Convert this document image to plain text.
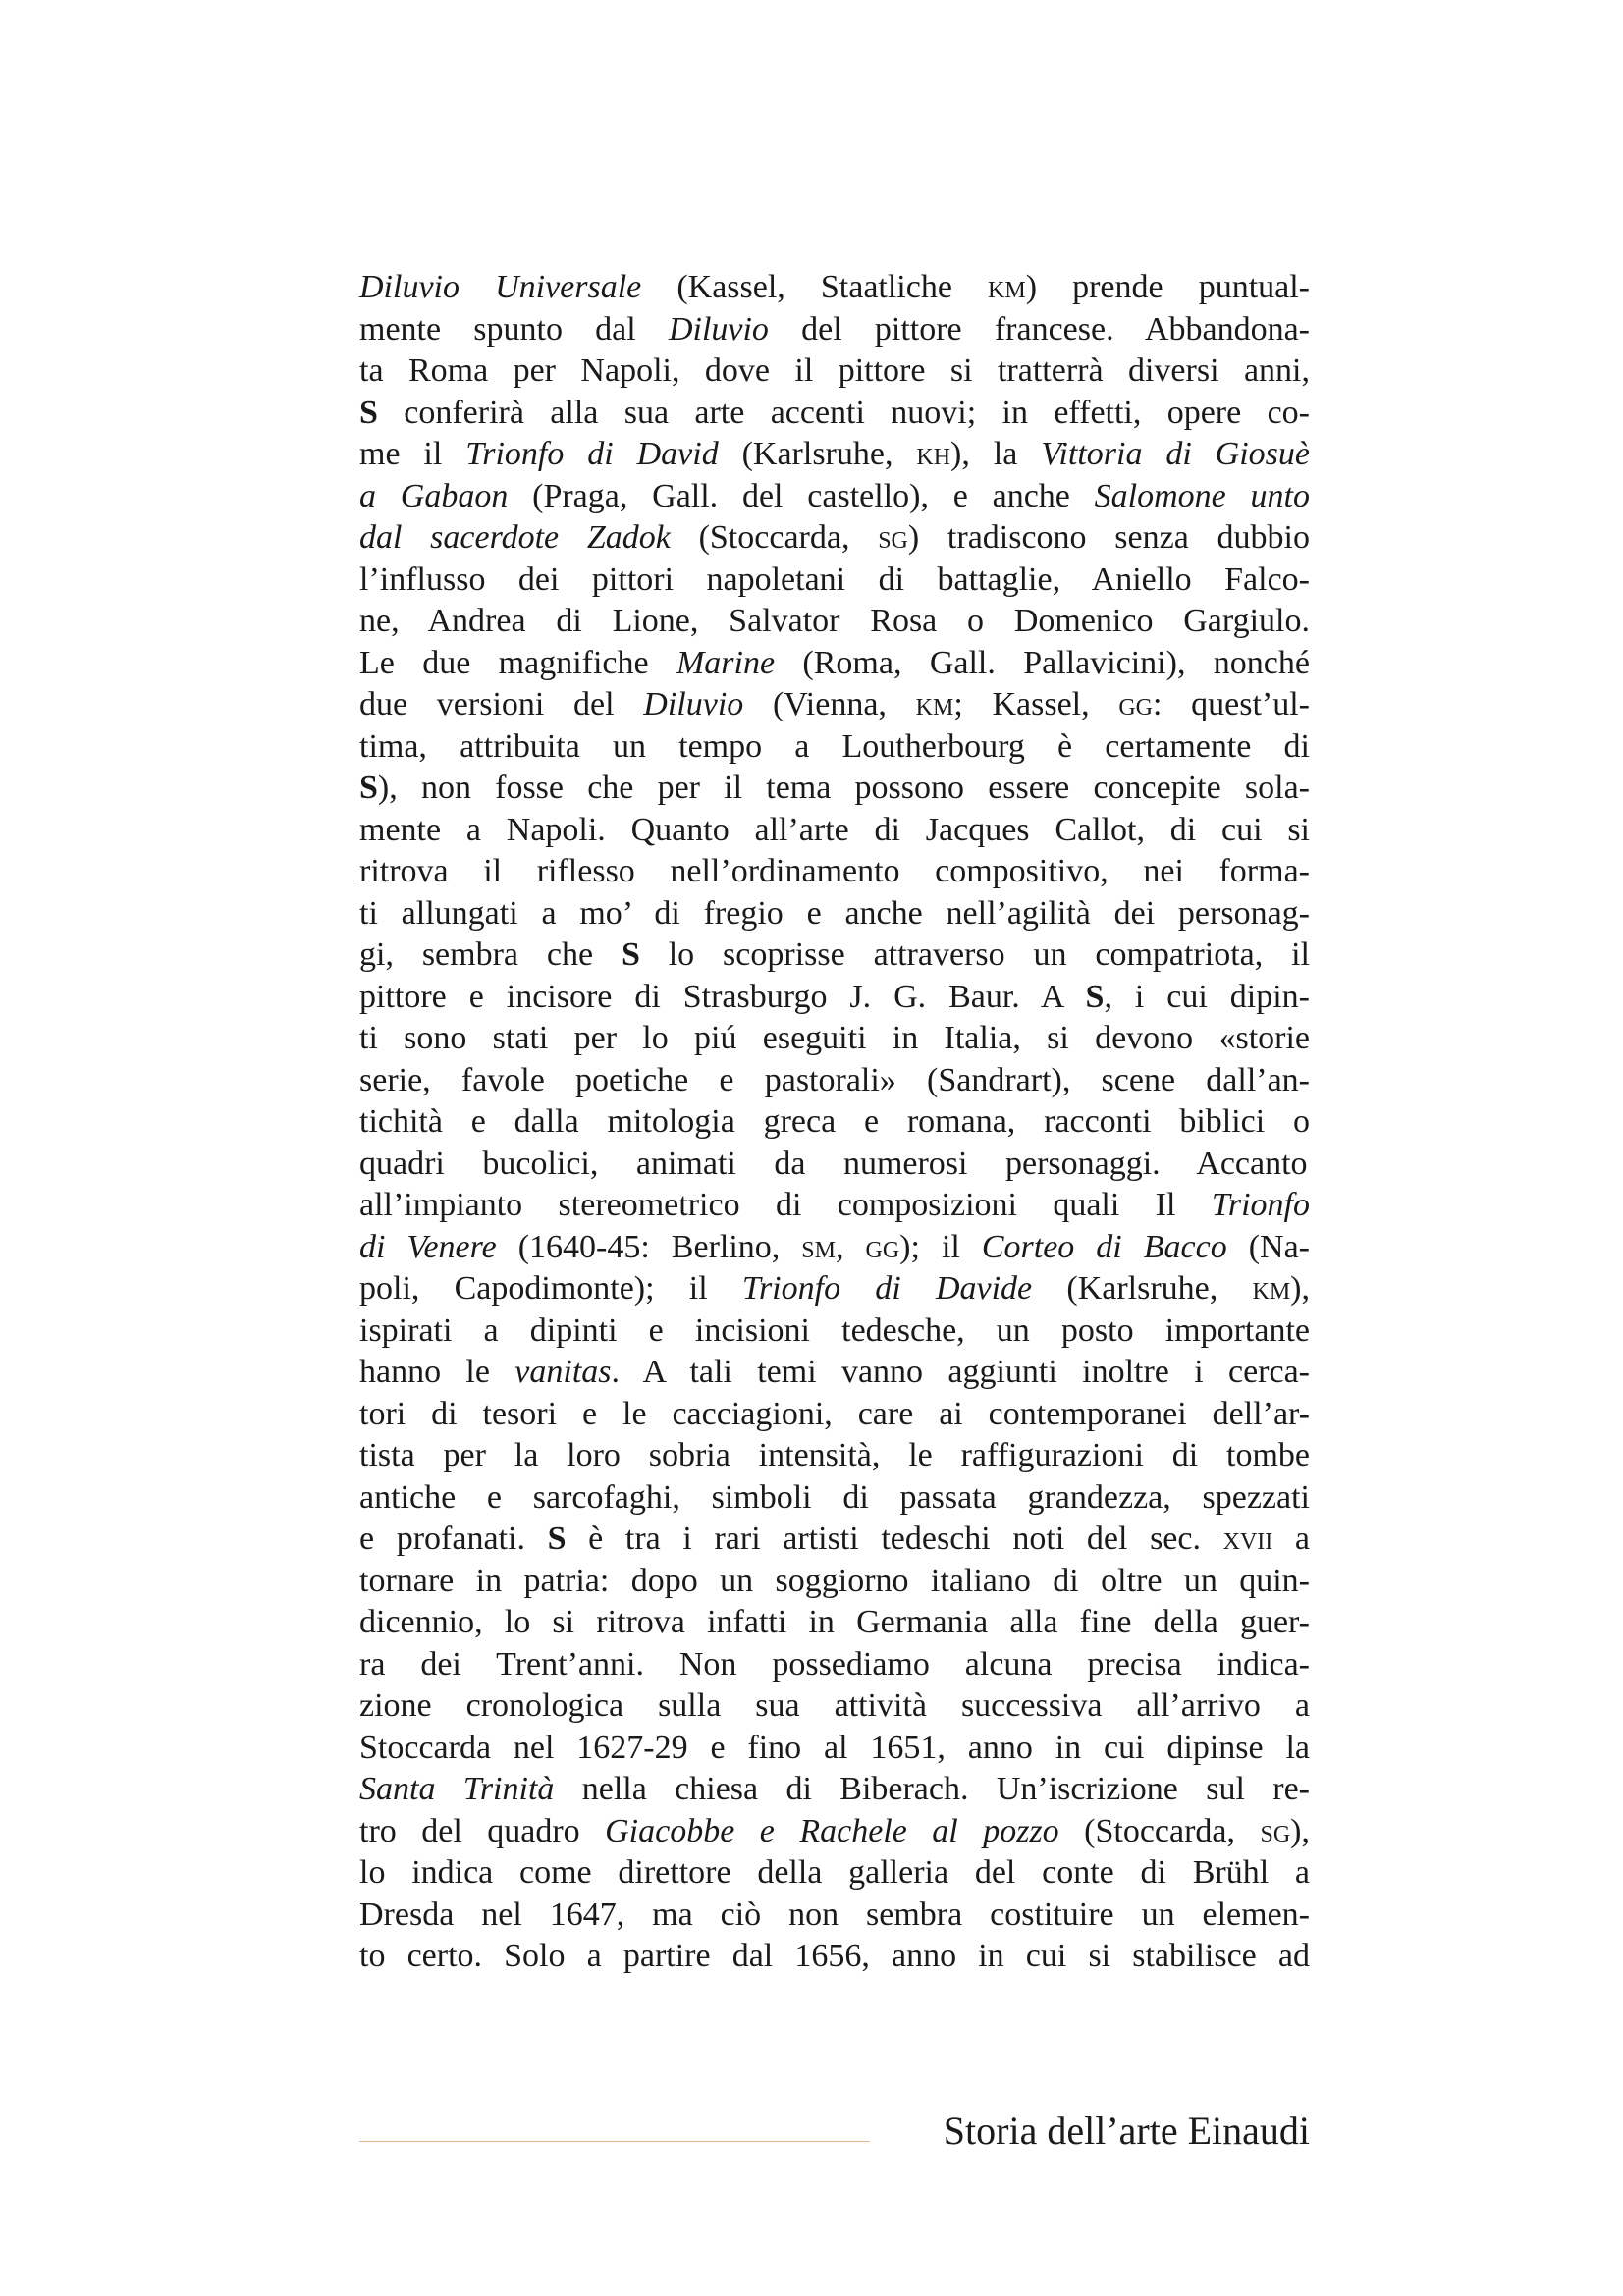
Diluvio Universale (Kassel, Staatliche km) prende puntual-
mente spunto dal Diluvio del pittore francese. Abbandona-
ta Roma per Napoli, dove il pittore si tratterrà diversi anni,
S conferirà alla sua arte accenti nuovi; in effetti, opere co-
me il Trionfo di David (Karlsruhe, kh), la Vittoria di Giosuè
a Gabaon (Praga, Gall. del castello), e anche Salomone unto
dal sacerdote Zadok (Stoccarda, sg) tradiscono senza dubbio
l’influsso dei pittori napoletani di battaglie, Aniello Falco-
ne, Andrea di Lione, Salvator Rosa o Domenico Gargiulo.
Le due magnifiche Marine (Roma, Gall. Pallavicini), nonché
due versioni del Diluvio (Vienna, km; Kassel, gg: quest’ul-
tima, attribuita un tempo a Loutherbourg è certamente di
S), non fosse che per il tema possono essere concepite sola-
mente a Napoli. Quanto all’arte di Jacques Callot, di cui si
ritrova il riflesso nell’ordinamento compositivo, nei forma-
ti allungati a mo’ di fregio e anche nell’agilità dei personag-
gi, sembra che S lo scoprisse attraverso un compatriota, il
pittore e incisore di Strasburgo J. G. Baur. A S, i cui dipin-
ti sono stati per lo piú eseguiti in Italia, si devono «storie
serie, favole poetiche e pastorali» (Sandrart), scene dall’an-
tichità e dalla mitologia greca e romana, racconti biblici o
quadri bucolici, animati da numerosi personaggi. Accanto
all’impianto stereometrico di composizioni quali Il Trionfo
di Venere (1640-45: Berlino, sm, gg); il Corteo di Bacco (Na-
poli, Capodimonte); il Trionfo di Davide (Karlsruhe, km),
ispirati a dipinti e incisioni tedesche, un posto importante
hanno le vanitas. A tali temi vanno aggiunti inoltre i cerca-
tori di tesori e le cacciagioni, care ai contemporanei dell’ar-
tista per la loro sobria intensità, le raffigurazioni di tombe
antiche e sarcofaghi, simboli di passata grandezza, spezzati
e profanati. S è tra i rari artisti tedeschi noti del sec. xvii a
tornare in patria: dopo un soggiorno italiano di oltre un quin-
dicennio, lo si ritrova infatti in Germania alla fine della guer-
ra dei Trent’anni. Non possediamo alcuna precisa indica-
zione cronologica sulla sua attività successiva all’arrivo a
Stoccarda nel 1627-29 e fino al 1651, anno in cui dipinse la
Santa Trinità nella chiesa di Biberach. Un’iscrizione sul re-
tro del quadro Giacobbe e Rachele al pozzo (Stoccarda, sg),
lo indica come direttore della galleria del conte di Brühl a
Dresda nel 1647, ma ciò non sembra costituire un elemen-
to certo. Solo a partire dal 1656, anno in cui si stabilisce ad
Storia dell’arte Einaudi
